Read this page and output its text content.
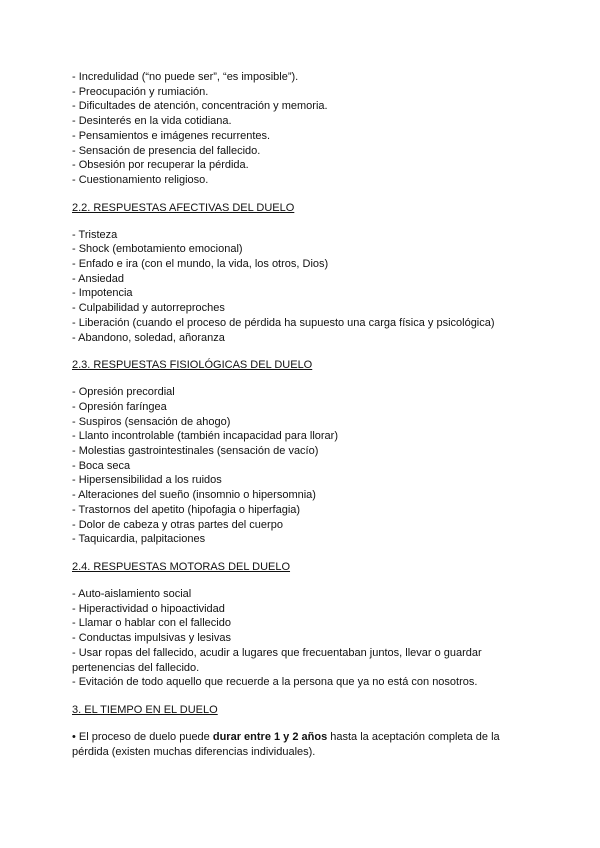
- Incredulidad (“no puede ser”, “es imposible”).

- Preocupación y rumiación.

- Dificultades de atención, concentración y memoria.

- Desinterés en la vida cotidiana.

- Pensamientos e imágenes recurrentes.

- Sensación de presencia del fallecido.

- Obsesión por recuperar la pérdida.

- Cuestionamiento religioso.

2.2. RESPUESTAS AFECTIVAS DEL DUELO

- Tristeza

- Shock (embotamiento emocional)

- Enfado e ira (con el mundo, la vida, los otros, Dios)

- Ansiedad

- Impotencia

- Culpabilidad y autorreproches

- Liberación (cuando el proceso de pérdida ha supuesto una carga física y psicológica)

- Abandono, soledad, añoranza

2.3. RESPUESTAS FISIOLÓGICAS DEL DUELO

- Opresión precordial

- Opresión faríngea

- Suspiros (sensación de ahogo)

- Llanto incontrolable (también incapacidad para llorar)

- Molestias gastrointestinales (sensación de vacío)

- Boca seca

- Hipersensibilidad a los ruidos

- Alteraciones del sueño (insomnio o hipersomnia)

- Trastornos del apetito (hipofagia o hiperfagia)

- Dolor de cabeza y otras partes del cuerpo

- Taquicardia, palpitaciones

2.4. RESPUESTAS MOTORAS DEL DUELO

- Auto-aislamiento social

- Hiperactividad o hipoactividad

- Llamar o hablar con el fallecido

- Conductas impulsivas y lesivas

- Usar ropas del fallecido, acudir a lugares que frecuentaban juntos, llevar o guardar pertenencias del fallecido.

- Evitación de todo aquello que recuerde a la persona que ya no está con nosotros.

3. EL TIEMPO EN EL DUELO

• El proceso de duelo puede durar entre 1 y 2 años hasta la aceptación completa de la pérdida (existen muchas diferencias individuales).
